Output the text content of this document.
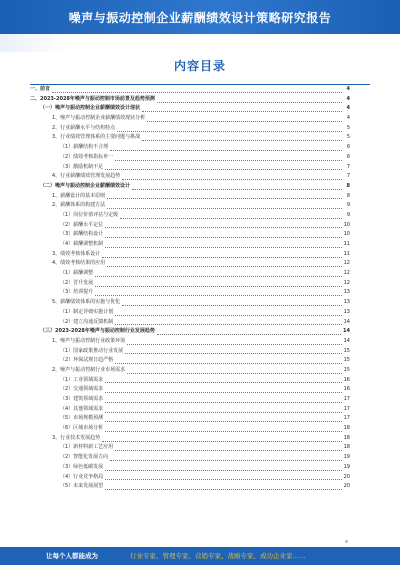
噪声与振动控制企业薪酬绩效设计策略研究报告
内容目录
一、前言	4
二、2023-2028年噪声与振动控制市场前景及趋势预测	4
（一）噪声与振动控制企业薪酬绩效设计现状	4
1、噪声与振动控制企业薪酬绩效现状分析	4
2、行业薪酬水平与结构特点	5
3、行业绩效管理体系的主要问题与挑战	5
（1）薪酬结构不合理	6
（2）绩效考核指标单一	6
（3）激励机制不足	7
4、行业薪酬绩效管理发展趋势	7
（二）噪声与振动控制企业薪酬绩效设计	8
1、薪酬设计的基本原则	8
2、薪酬体系的构建方法	9
（1）岗位价值评估与定级	9
（2）薪酬水平定位	10
（3）薪酬结构设计	10
（4）薪酬调整机制	11
3、绩效考核体系设计	11
4、绩效考核结果的应用	12
（1）薪酬调整	12
（2）晋升发展	12
（3）培训提升	13
5、薪酬绩效体系的实施与优化	13
（1）制定详细实施计划	13
（2）建立沟通反馈机制	14
（三）2023-2028年噪声与振动控制行业发展趋势	14
1、噪声与振动控制行业政策环境	14
（1）国家政策推动行业发展	15
（2）环保法规日趋严格	15
2、噪声与振动控制行业市场需求	15
（1）工业领域需求	16
（2）交通领域需求	16
（3）建筑领域需求	17
（4）其他领域需求	17
（5）市场规模预测	17
（6）区域市场分析	18
3、行业技术发展趋势	18
（1）新材料新工艺应用	18
（2）智能化发展方向	19
（3）绿色低碳发展	19
（4）行业竞争格局	20
（5）未来发展展望	20
让每个人都能成为	行业专家、管理专家、营销专家、战略专家、成功企业家……
